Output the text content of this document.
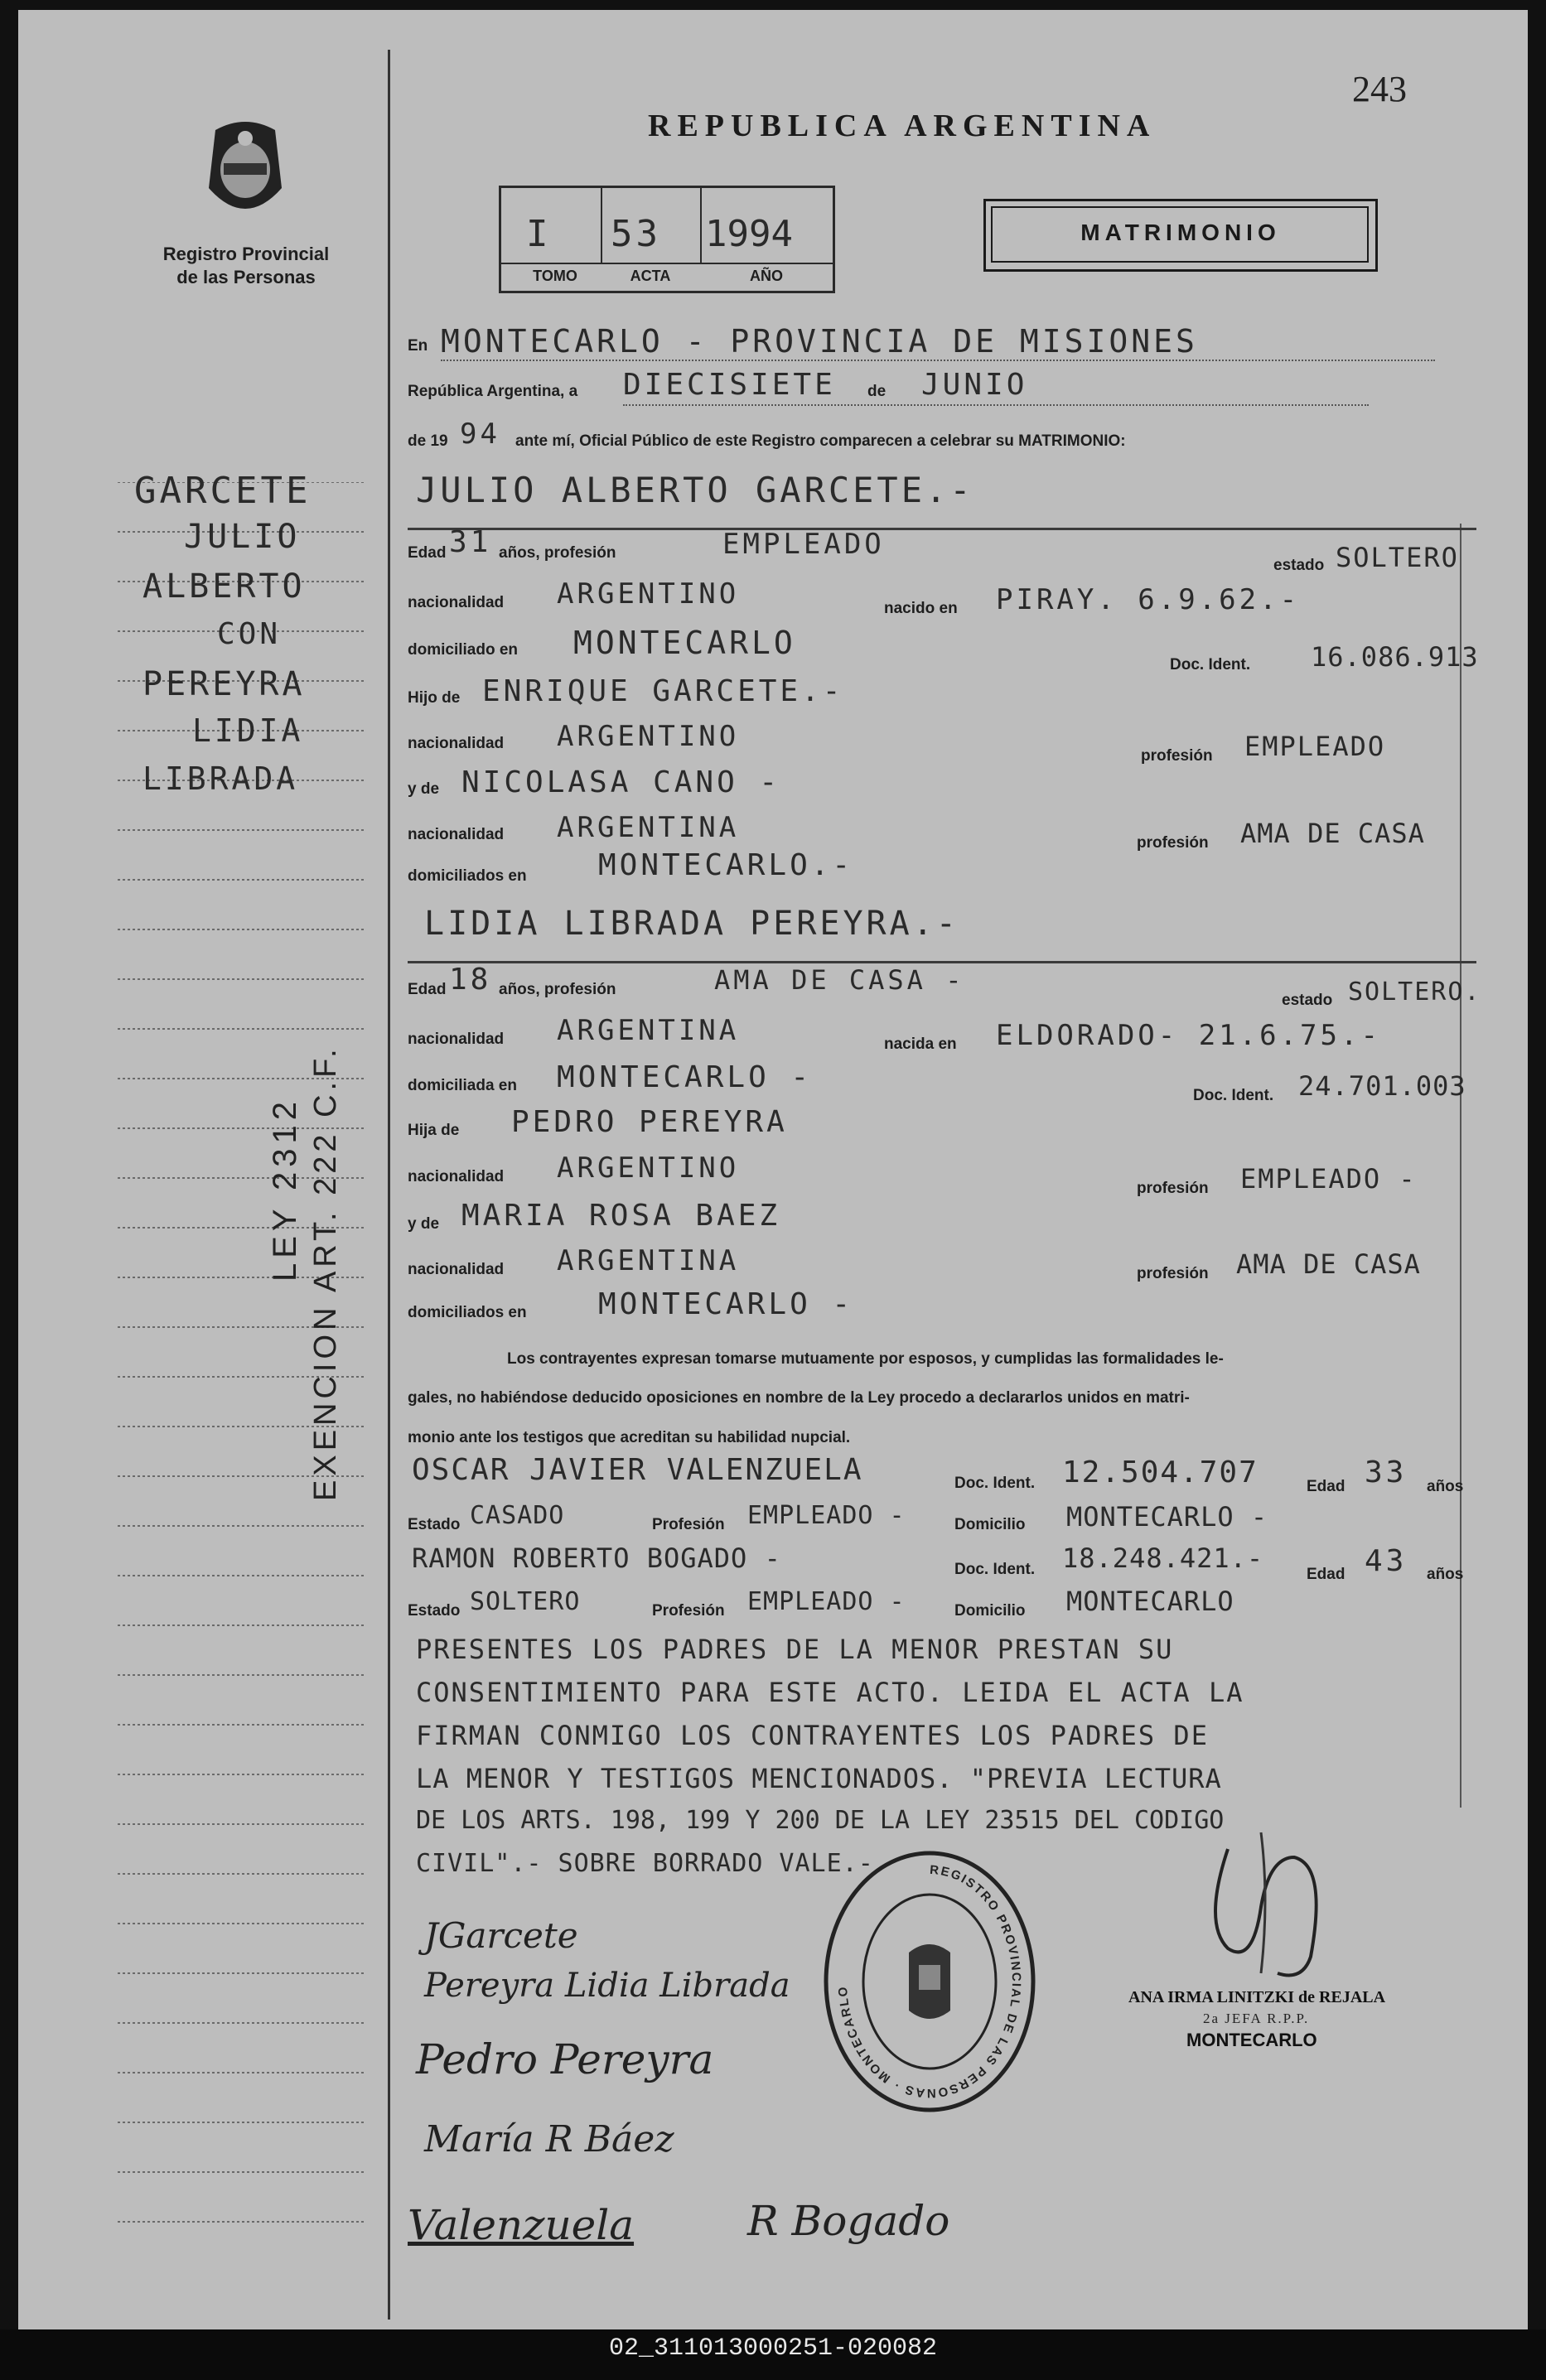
Registro Provincial
de las Personas
REPUBLICA ARGENTINA
243
I 53 1994
TOMO	ACTA	AÑO
MATRIMONIO
GARCETE
JULIO
ALBERTO
CON
PEREYRA
LIDIA
LIBRADA
LEY 2312 EXENCION ART. 222 C.F.
En MONTECARLO - PROVINCIA DE MISIONES
República Argentina, a DIECISIETE de JUNIO
de 19 94 ante mí, Oficial Público de este Registro comparecen a celebrar su MATRIMONIO:
JULIO ALBERTO GARCETE.-
Edad 31 años, profesión	EMPLEADO
estado SOLTERO
nacionalidad ARGENTINO	nacido en PIRAY. 6.9.62.-
domiciliado en MONTECARLO
Doc. Ident. 16.086.913
Hijo de ENRIQUE GARCETE.-
nacionalidad ARGENTINO
profesión EMPLEADO
y de NICOLASA CANO -
nacionalidad ARGENTINA	profesión AMA DE CASA
domiciliados en MONTECARLO.-
LIDIA LIBRADA PEREYRA.-
Edad 18 años, profesión	AMA DE CASA -
estado SOLTERO.
nacionalidad ARGENTINA	nacida en ELDORADO- 21.6.75.-
domiciliada en MONTECARLO -
Doc. Ident. 24.701.003
Hija de PEDRO PEREYRA
nacionalidad ARGENTINO
profesión EMPLEADO -
y de MARIA ROSA BAEZ
nacionalidad ARGENTINA	profesión AMA DE CASA
domiciliados en MONTECARLO -
Los contrayentes expresan tomarse mutuamente por esposos, y cumplidas las formalidades le-
gales, no habiéndose deducido oposiciones en nombre de la Ley procedo a declararlos unidos en matri-
monio ante los testigos que acreditan su habilidad nupcial.
OSCAR JAVIER VALENZUELA	Doc. Ident. 12.504.707	Edad 33 años
Estado CASADO	Profesión EMPLEADO -	Domicilio MONTECARLO -
RAMON ROBERTO BOGADO -	Doc. Ident. 18.248.421.-
Edad 43 años
Estado SOLTERO	Profesión EMPLEADO -	Domicilio MONTECARLO
PRESENTES LOS PADRES DE LA MENOR PRESTAN SU
CONSENTIMIENTO PARA ESTE ACTO. LEIDA EL ACTA LA
FIRMAN CONMIGO LOS CONTRAYENTES LOS PADRES DE
LA MENOR Y TESTIGOS MENCIONADOS. "PREVIA LECTURA
DE LOS ARTS. 198, 199 Y 200 DE LA LEY 23515 DEL CODIGO
CIVIL".- SOBRE BORRADO VALE.-
JGarcete
Pereyra Lidia Librada
Pedro Pereyra
María R Báez
Valenzuela	R Bogado
REGISTRO PROVINCIAL DE LAS PERSONAS · MONTECARLO	ANA IRMA LINITZKI de REJALA
2a JEFA R.P.P.
MONTECARLO
02_311013000251-020082
